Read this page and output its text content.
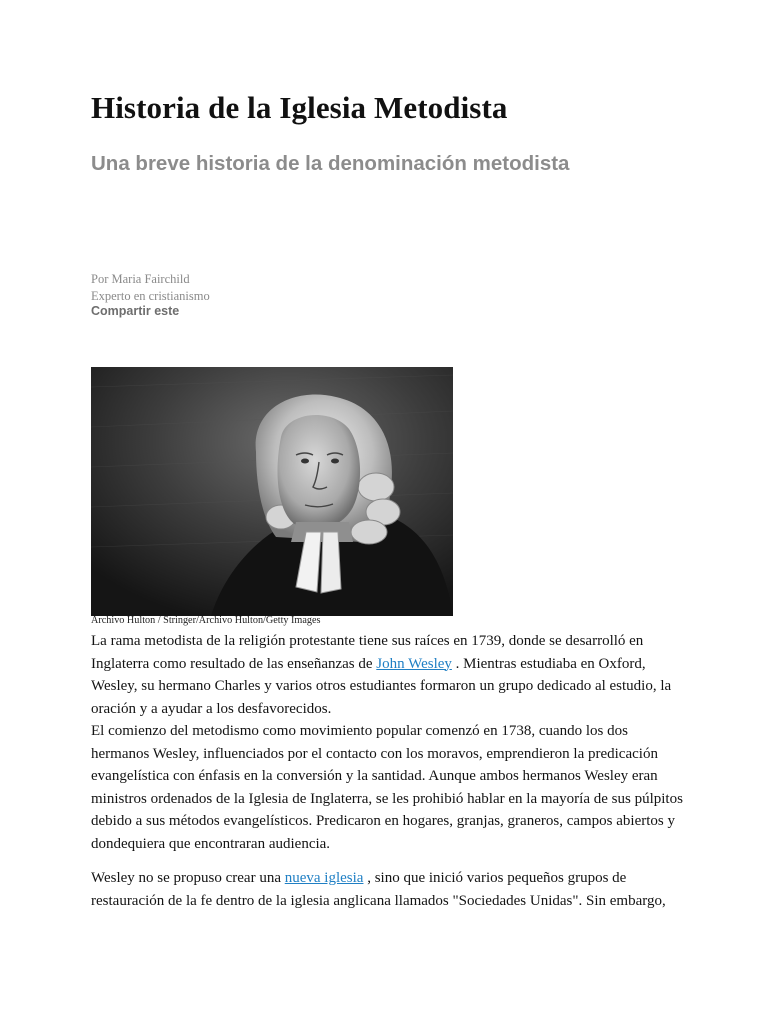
Historia de la Iglesia Metodista
Una breve historia de la denominación metodista
Por Maria Fairchild
Experto en cristianismo
Compartir este
Archivo Hulton / Stringer/Archivo Hulton/Getty Images

La rama metodista de la religión protestante tiene sus raíces en 1739, donde se desarrolló en Inglaterra como resultado de las enseñanzas de John Wesley . Mientras estudiaba en Oxford, Wesley, su hermano Charles y varios otros estudiantes formaron un grupo dedicado al estudio, la oración y a ayudar a los desfavorecidos.

El comienzo del metodismo como movimiento popular comenzó en 1738, cuando los dos hermanos Wesley, influenciados por el contacto con los moravos, emprendieron la predicación evangelística con énfasis en la conversión y la santidad. Aunque ambos hermanos Wesley eran ministros ordenados de la Iglesia de Inglaterra, se les prohibió hablar en la mayoría de sus púlpitos debido a sus métodos evangelísticos. Predicaron en hogares, granjas, graneros, campos abiertos y dondequiera que encontraran audiencia.

Wesley no se propuso crear una nueva iglesia , sino que inició varios pequeños grupos de restauración de la fe dentro de la iglesia anglicana llamados "Sociedades Unidas". Sin embargo,
